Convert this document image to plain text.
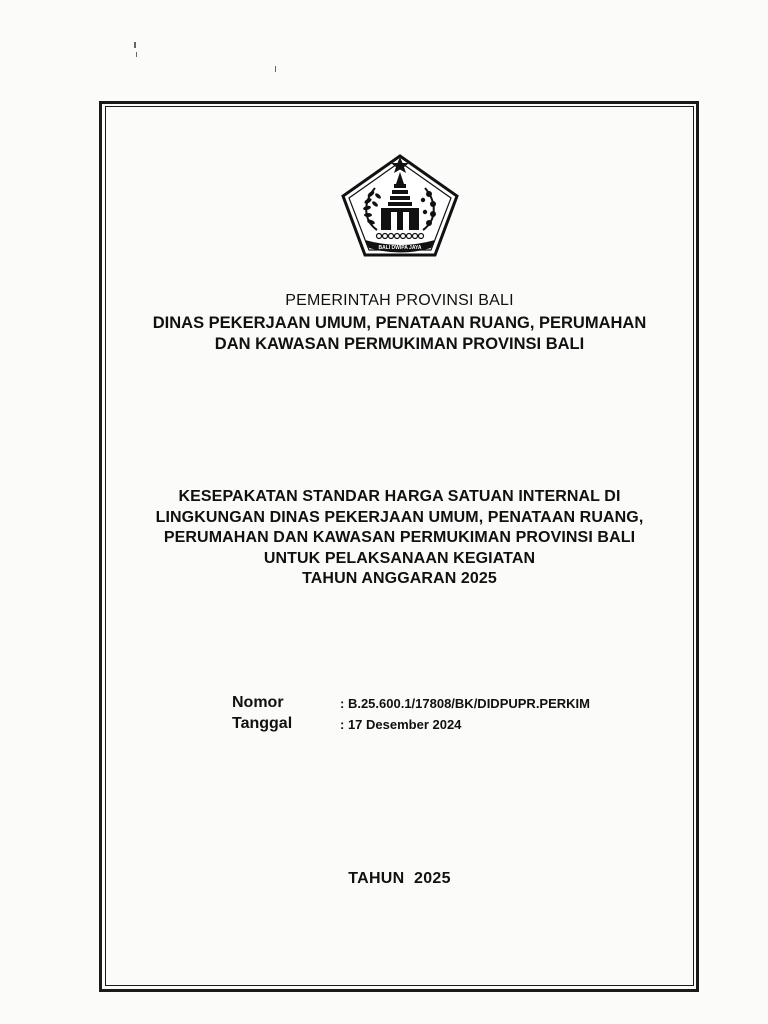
BALI DWIPA JAYA

PEMERINTAH PROVINSI BALI

DINAS PEKERJAAN UMUM, PENATAAN RUANG, PERUMAHAN

DAN KAWASAN PERMUKIMAN PROVINSI BALI

KESEPAKATAN STANDAR HARGA SATUAN INTERNAL DI
LINGKUNGAN DINAS PEKERJAAN UMUM, PENATAAN RUANG,
PERUMAHAN DAN KAWASAN PERMUKIMAN PROVINSI BALI
UNTUK PELAKSANAAN KEGIATAN
TAHUN ANGGARAN 2025
Nomor	: B.25.600.1/17808/BK/DIDPUPR.PERKIM
Tanggal	: 17 Desember 2024
TAHUN  2025
